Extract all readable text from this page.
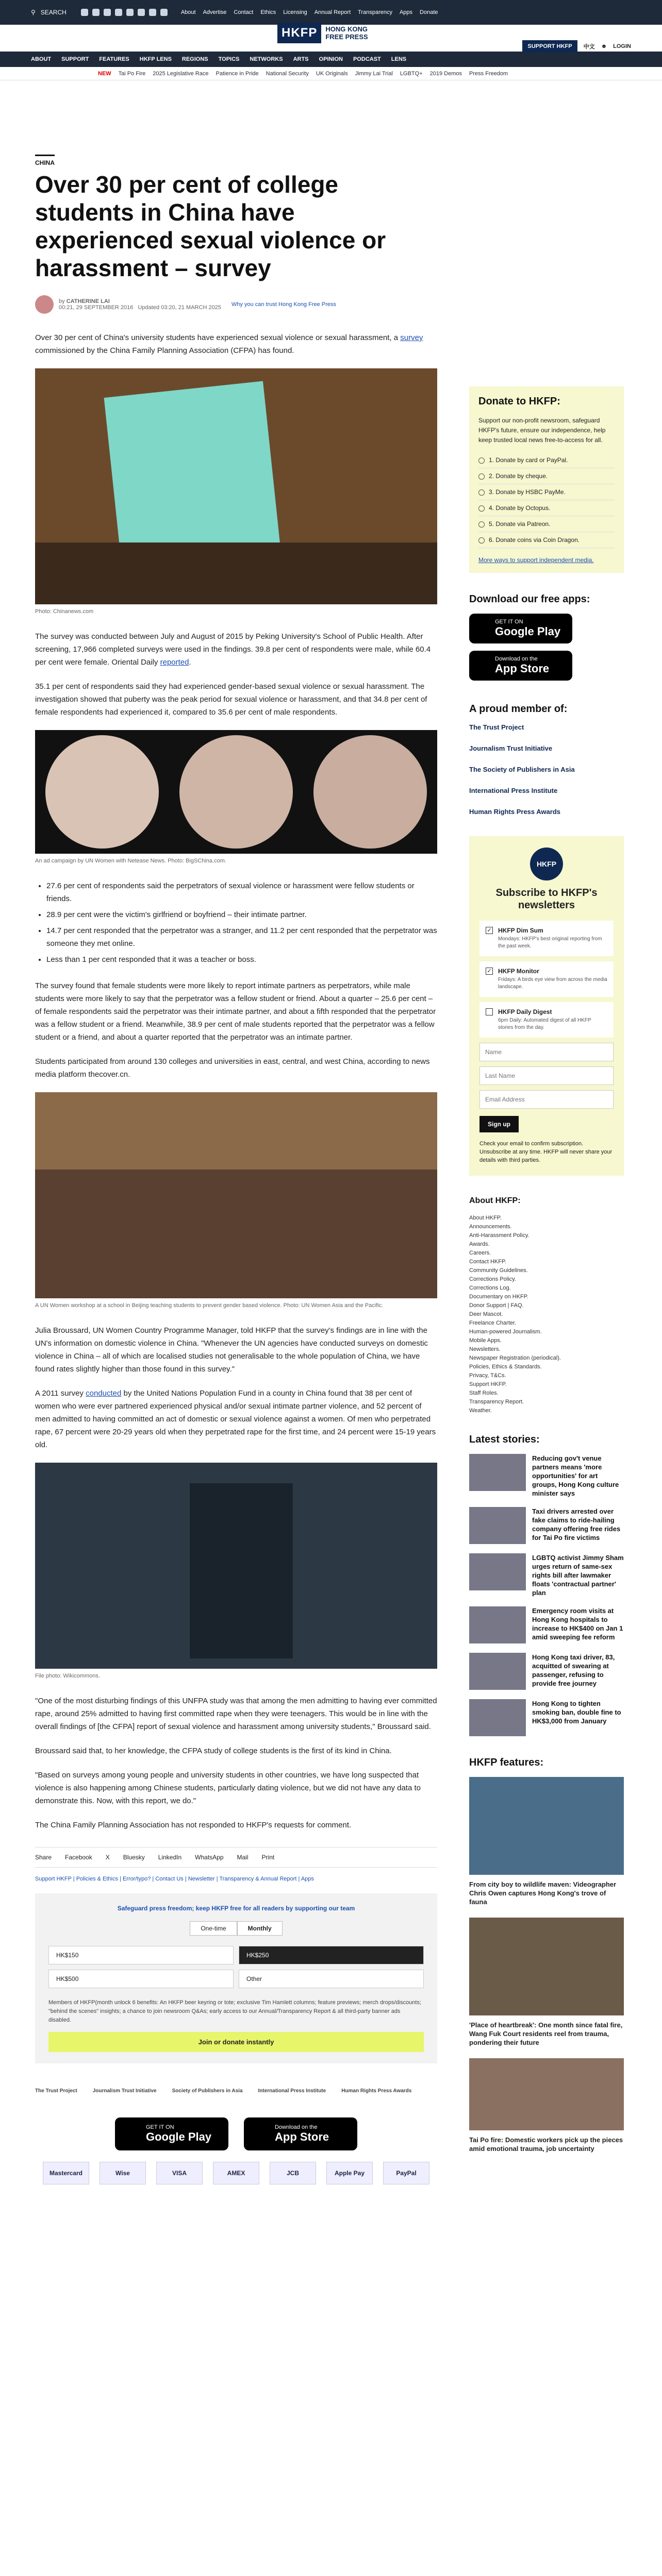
⚲ SEARCH	About Advertise Contact Ethics Licensing Annual Report Transparency Apps Donate
HKFP	HONG KONG
FREE PRESS
SUPPORT HKFP	中文 ☻ LOGIN
ABOUT SUPPORT FEATURES HKFP LENS REGIONS TOPICS NETWORKS ARTS OPINION PODCAST LENS
NEW Tai Po Fire 2025 Legislative Race Patience in Pride National Security UK Originals Jimmy Lai Trial LGBTQ+ 2019 Demos Press Freedom
CHINA
Over 30 per cent of college students in China have experienced sexual violence or harassment – survey
by CATHERINE LAI
00:21, 29 SEPTEMBER 2016 Updated 03:20, 21 MARCH 2025 Why you can trust Hong Kong Free Press

Over 30 per cent of China's university students have experienced sexual violence or sexual harassment, a survey commissioned by the China Family Planning Association (CFPA) has found.

Photo: Chinanews.com

The survey was conducted between July and August of 2015 by Peking University's School of Public Health. After screening, 17,966 completed surveys were used in the findings. 39.8 per cent of respondents were male, while 60.4 per cent were female. Oriental Daily reported.

35.1 per cent of respondents said they had experienced gender-based sexual violence or sexual harassment. The investigation showed that puberty was the peak period for sexual violence or harassment, and that 34.8 per cent of female respondents had experienced it, compared to 35.6 per cent of male respondents.

An ad campaign by UN Women with Netease News. Photo: BigSChina.com.
• 27.6 per cent of respondents said the perpetrators of sexual violence or harassment were fellow students or friends.
• 28.9 per cent were the victim's girlfriend or boyfriend – their intimate partner.
• 14.7 per cent responded that the perpetrator was a stranger, and 11.2 per cent responded that the perpetrator was someone they met online.
• Less than 1 per cent responded that it was a teacher or boss.

The survey found that female students were more likely to report intimate partners as perpetrators, while male students were more likely to say that the perpetrator was a fellow student or friend. About a quarter – 25.6 per cent – of female respondents said the perpetrator was their intimate partner, and about a fifth responded that the perpetrator was a fellow student or a friend. Meanwhile, 38.9 per cent of male students reported that the perpetrator was a fellow student or a friend, and about a quarter reported that the perpetrator was an intimate partner.

Students participated from around 130 colleges and universities in east, central, and west China, according to news media platform thecover.cn.

A UN Women workshop at a school in Beijing teaching students to prevent gender based violence. Photo: UN Women Asia and the Pacific.

Julia Broussard, UN Women Country Programme Manager, told HKFP that the survey's findings are in line with the UN's information on domestic violence in China. "Whenever the UN agencies have conducted surveys on domestic violence in China – all of which are localised studies not generalisable to the whole population of China, we have found rates slightly higher than those found in this survey."

A 2011 survey conducted by the United Nations Population Fund in a county in China found that 38 per cent of women who were ever partnered experienced physical and/or sexual intimate partner violence, and 52 percent of men admitted to having committed an act of domestic or sexual violence against a women. Of men who perpetrated rape, 67 percent were 20-29 years old when they perpetrated rape for the first time, and 24 percent were 15-19 years old.

File photo: Wikicommons.

"One of the most disturbing findings of this UNFPA study was that among the men admitting to having ever committed rape, around 25% admitted to having first committed rape when they were teenagers. This would be in line with the overall findings of [the CFPA] report of sexual violence and harassment among university students," Broussard said.

Broussard said that, to her knowledge, the CFPA study of college students is the first of its kind in China.

"Based on surveys among young people and university students in other countries, we have long suspected that violence is also happening among Chinese students, particularly dating violence, but we did not have any data to demonstrate this. Now, with this report, we do."

The China Family Planning Association has not responded to HKFP's requests for comment.

Share Facebook X Bluesky LinkedIn WhatsApp Mail Print
Support HKFP | Policies & Ethics | Error/typo? | Contact Us | Newsletter | Transparency & Annual Report | Apps
Safeguard press freedom; keep HKFP free for all readers by supporting our team
One-time	Monthly
HK$150	HK$250
HK$500	Other
Members of HKFP(month unlock 6 benefits: An HKFP beer keyring or tote; exclusive Tim Hamlett columns; feature previews; merch drops/discounts; "behind the scenes" insights; a chance to join newsroom Q&As; early access to our Annual/Transparency Report & all third-party banner ads disabled.
Join or donate instantly
The Trust Project	Journalism Trust Initiative	Society of Publishers in Asia	International Press Institute	Human Rights Press Awards
GET IT ON
Google Play
Download on the
App Store
Mastercard	Wise	VISA	AMEX	JCB	Apple Pay	PayPal
Donate to HKFP:

Support our non-profit newsroom, safeguard HKFP's future, ensure our independence, help keep trusted local news free-to-access for all.

1. Donate by card or PayPal.
2. Donate by cheque.
3. Donate by HSBC PayMe.
4. Donate by Octopus.
5. Donate via Patreon.
6. Donate coins via Coin Dragon.
More ways to support independent media.
Download our free apps:
GET IT ON
Google Play
Download on the
App Store
A proud member of:
The Trust Project
Journalism Trust Initiative
The Society of Publishers in Asia
International Press Institute
Human Rights Press Awards
HKFP
Subscribe to HKFP's newsletters
✓ HKFP Dim Sum
Mondays: HKFP's best original reporting from the past week.
✓ HKFP Monitor
Fridays: A birds eye view from across the media landscape.
HKFP Daily Digest
6pm Daily: Automated digest of all HKFP stories from the day.
Name
Last Name
Email Address
Sign up
Check your email to confirm subscription. Unsubscribe at any time. HKFP will never share your details with third parties.
About HKFP:
About HKFP.
Announcements.
Anti-Harassment Policy.
Awards.
Careers.
Contact HKFP.
Community Guidelines.
Corrections Policy.
Corrections Log.
Documentary on HKFP.
Donor Support | FAQ.
Deer Mascot.
Freelance Charter.
Human-powered Journalism.
Mobile Apps.
Newsletters.
Newspaper Registration (periodical).
Policies, Ethics & Standards.
Privacy, T&Cs.
Support HKFP.
Staff Roles.
Transparency Report.
Weather.
Latest stories:
Reducing gov't venue partners means 'more opportunities' for art groups, Hong Kong culture minister says
Taxi drivers arrested over fake claims to ride-hailing company offering free rides for Tai Po fire victims
LGBTQ activist Jimmy Sham urges return of same-sex rights bill after lawmaker floats 'contractual partner' plan
Emergency room visits at Hong Kong hospitals to increase to HK$400 on Jan 1 amid sweeping fee reform
Hong Kong taxi driver, 83, acquitted of swearing at passenger, refusing to provide free journey
Hong Kong to tighten smoking ban, double fine to HK$3,000 from January
HKFP features:
From city boy to wildlife maven: Videographer Chris Owen captures Hong Kong's trove of fauna
'Place of heartbreak': One month since fatal fire, Wang Fuk Court residents reel from trauma, pondering their future
Tai Po fire: Domestic workers pick up the pieces amid emotional trauma, job uncertainty
